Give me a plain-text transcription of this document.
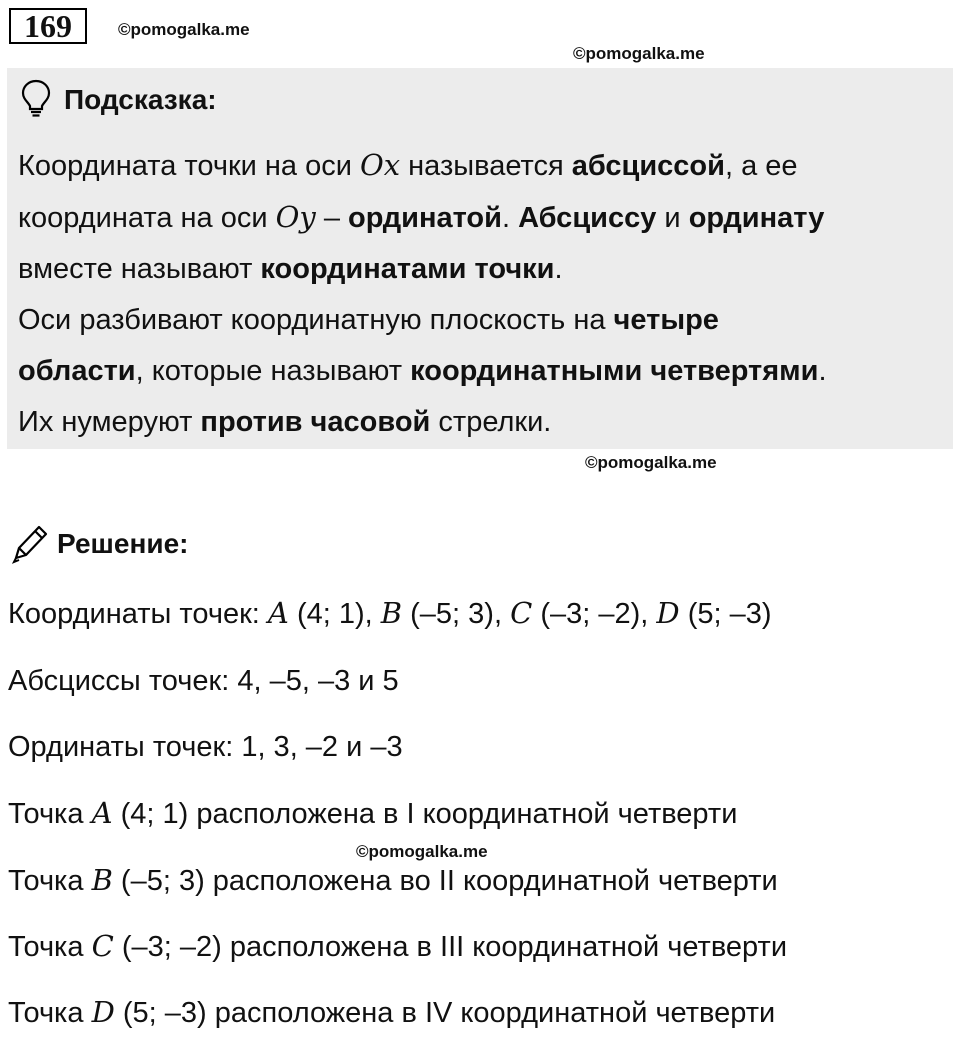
169	©pomogalka.me
©pomogalka.me
Подсказка:

Координата точки на оси Ox называется абсциссой, а ее

координата на оси Oy – ординатой. Абсциссу и ординату

вместе называют координатами точки.

Оси разбивают координатную плоскость на четыре

области, которые называют координатными четвертями.

Их нумеруют против часовой стрелки.

©pomogalka.me
Решение:
Координаты точек: A (4; 1), B (–5; 3), C (–3; –2), D (5; –3)
Абсциссы точек: 4, –5, –3 и 5
Ординаты точек: 1, 3, –2 и –3
Точка A (4; 1) расположена в I координатной четверти
©pomogalka.me
Точка B (–5; 3) расположена во II координатной четверти
Точка C (–3; –2) расположена в III координатной четверти
Точка D (5; –3) расположена в IV координатной четверти
